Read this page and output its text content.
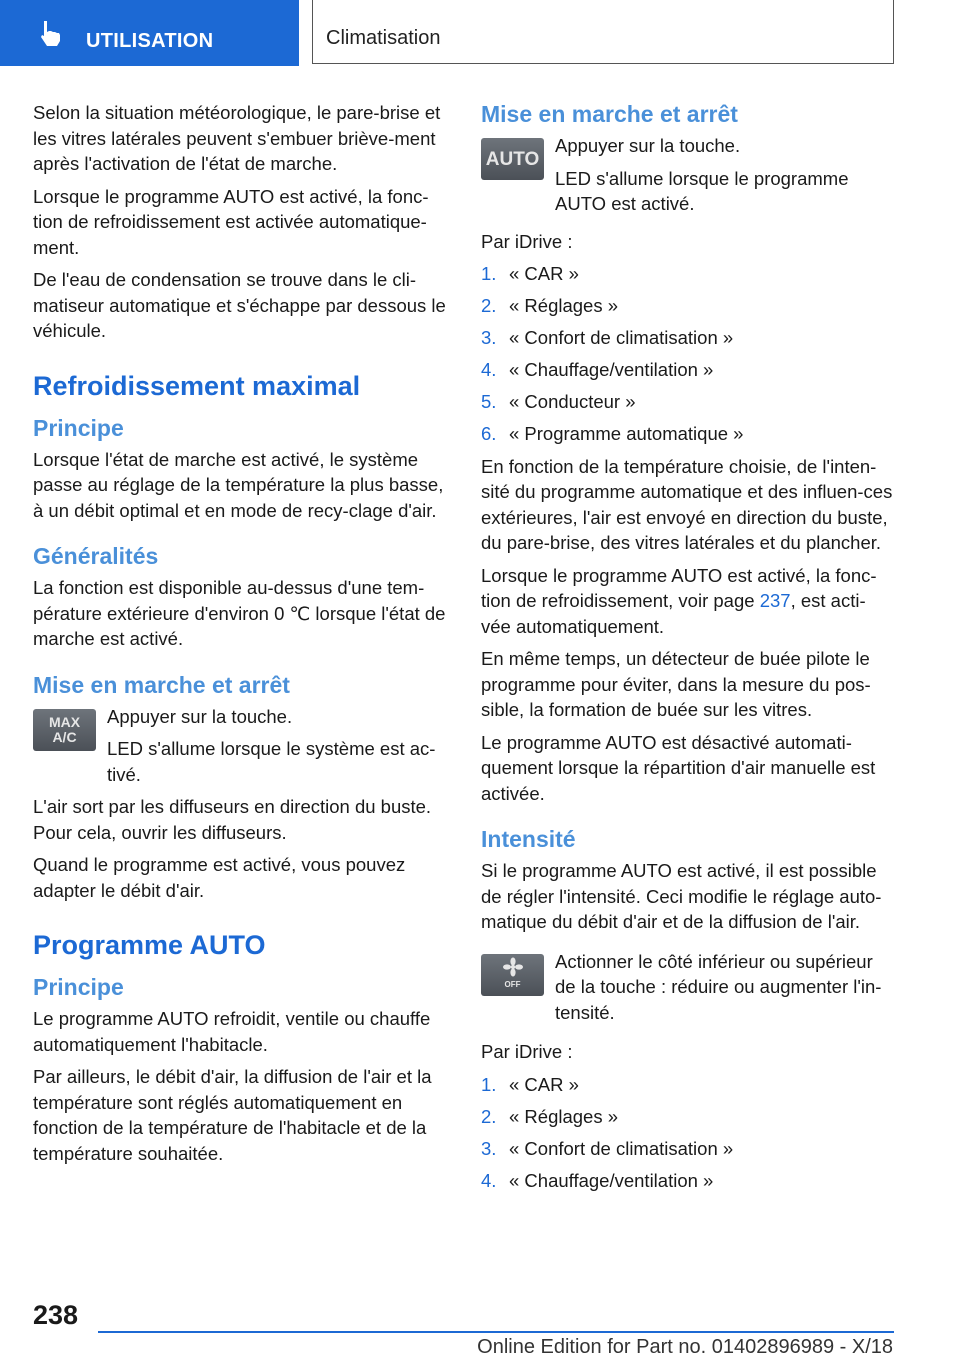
UTILISATION	Climatisation

Selon la situation météorologique, le pare-brise et les vitres latérales peuvent s'embuer briève-ment après l'activation de l'état de marche.

Lorsque le programme AUTO est activé, la fonc-tion de refroidissement est activée automatique-ment.

De l'eau de condensation se trouve dans le cli-matiseur automatique et s'échappe par dessous le véhicule.

Refroidissement maximal
Principe

Lorsque l'état de marche est activé, le système passe au réglage de la température la plus basse, à un débit optimal et en mode de recy-clage d'air.

Généralités

La fonction est disponible au-dessus d'une tem-pérature extérieure d'environ 0 ℃ lorsque l'état de marche est activé.

Mise en marche et arrêt
MAX
A/C

Appuyer sur la touche.

LED s'allume lorsque le système est ac-tivé.

L'air sort par les diffuseurs en direction du buste. Pour cela, ouvrir les diffuseurs.

Quand le programme est activé, vous pouvez adapter le débit d'air.

Programme AUTO
Principe

Le programme AUTO refroidit, ventile ou chauffe automatiquement l'habitacle.

Par ailleurs, le débit d'air, la diffusion de l'air et la température sont réglés automatiquement en fonction de la température de l'habitacle et de la température souhaitée.

Mise en marche et arrêt
AUTO

Appuyer sur la touche.

LED s'allume lorsque le programme AUTO est activé.

Par iDrive :

1. « CAR »
2. « Réglages »
3. « Confort de climatisation »
4. « Chauffage/ventilation »
5. « Conducteur »
6. « Programme automatique »

En fonction de la température choisie, de l'inten-sité du programme automatique et des influen-ces extérieures, l'air est envoyé en direction du buste, du pare-brise, des vitres latérales et du plancher.

Lorsque le programme AUTO est activé, la fonc-tion de refroidissement, voir page 237, est acti-vée automatiquement.

En même temps, un détecteur de buée pilote le programme pour éviter, dans la mesure du pos-sible, la formation de buée sur les vitres.

Le programme AUTO est désactivé automati-quement lorsque la répartition d'air manuelle est activée.

Intensité

Si le programme AUTO est activé, il est possible de régler l'intensité. Ceci modifie le réglage auto-matique du débit d'air et de la diffusion de l'air.

OFF

Actionner le côté inférieur ou supérieur de la touche : réduire ou augmenter l'in-tensité.

Par iDrive :

1. « CAR »
2. « Réglages »
3. « Confort de climatisation »
4. « Chauffage/ventilation »
238
Online Edition for Part no. 01402896989 - X/18
